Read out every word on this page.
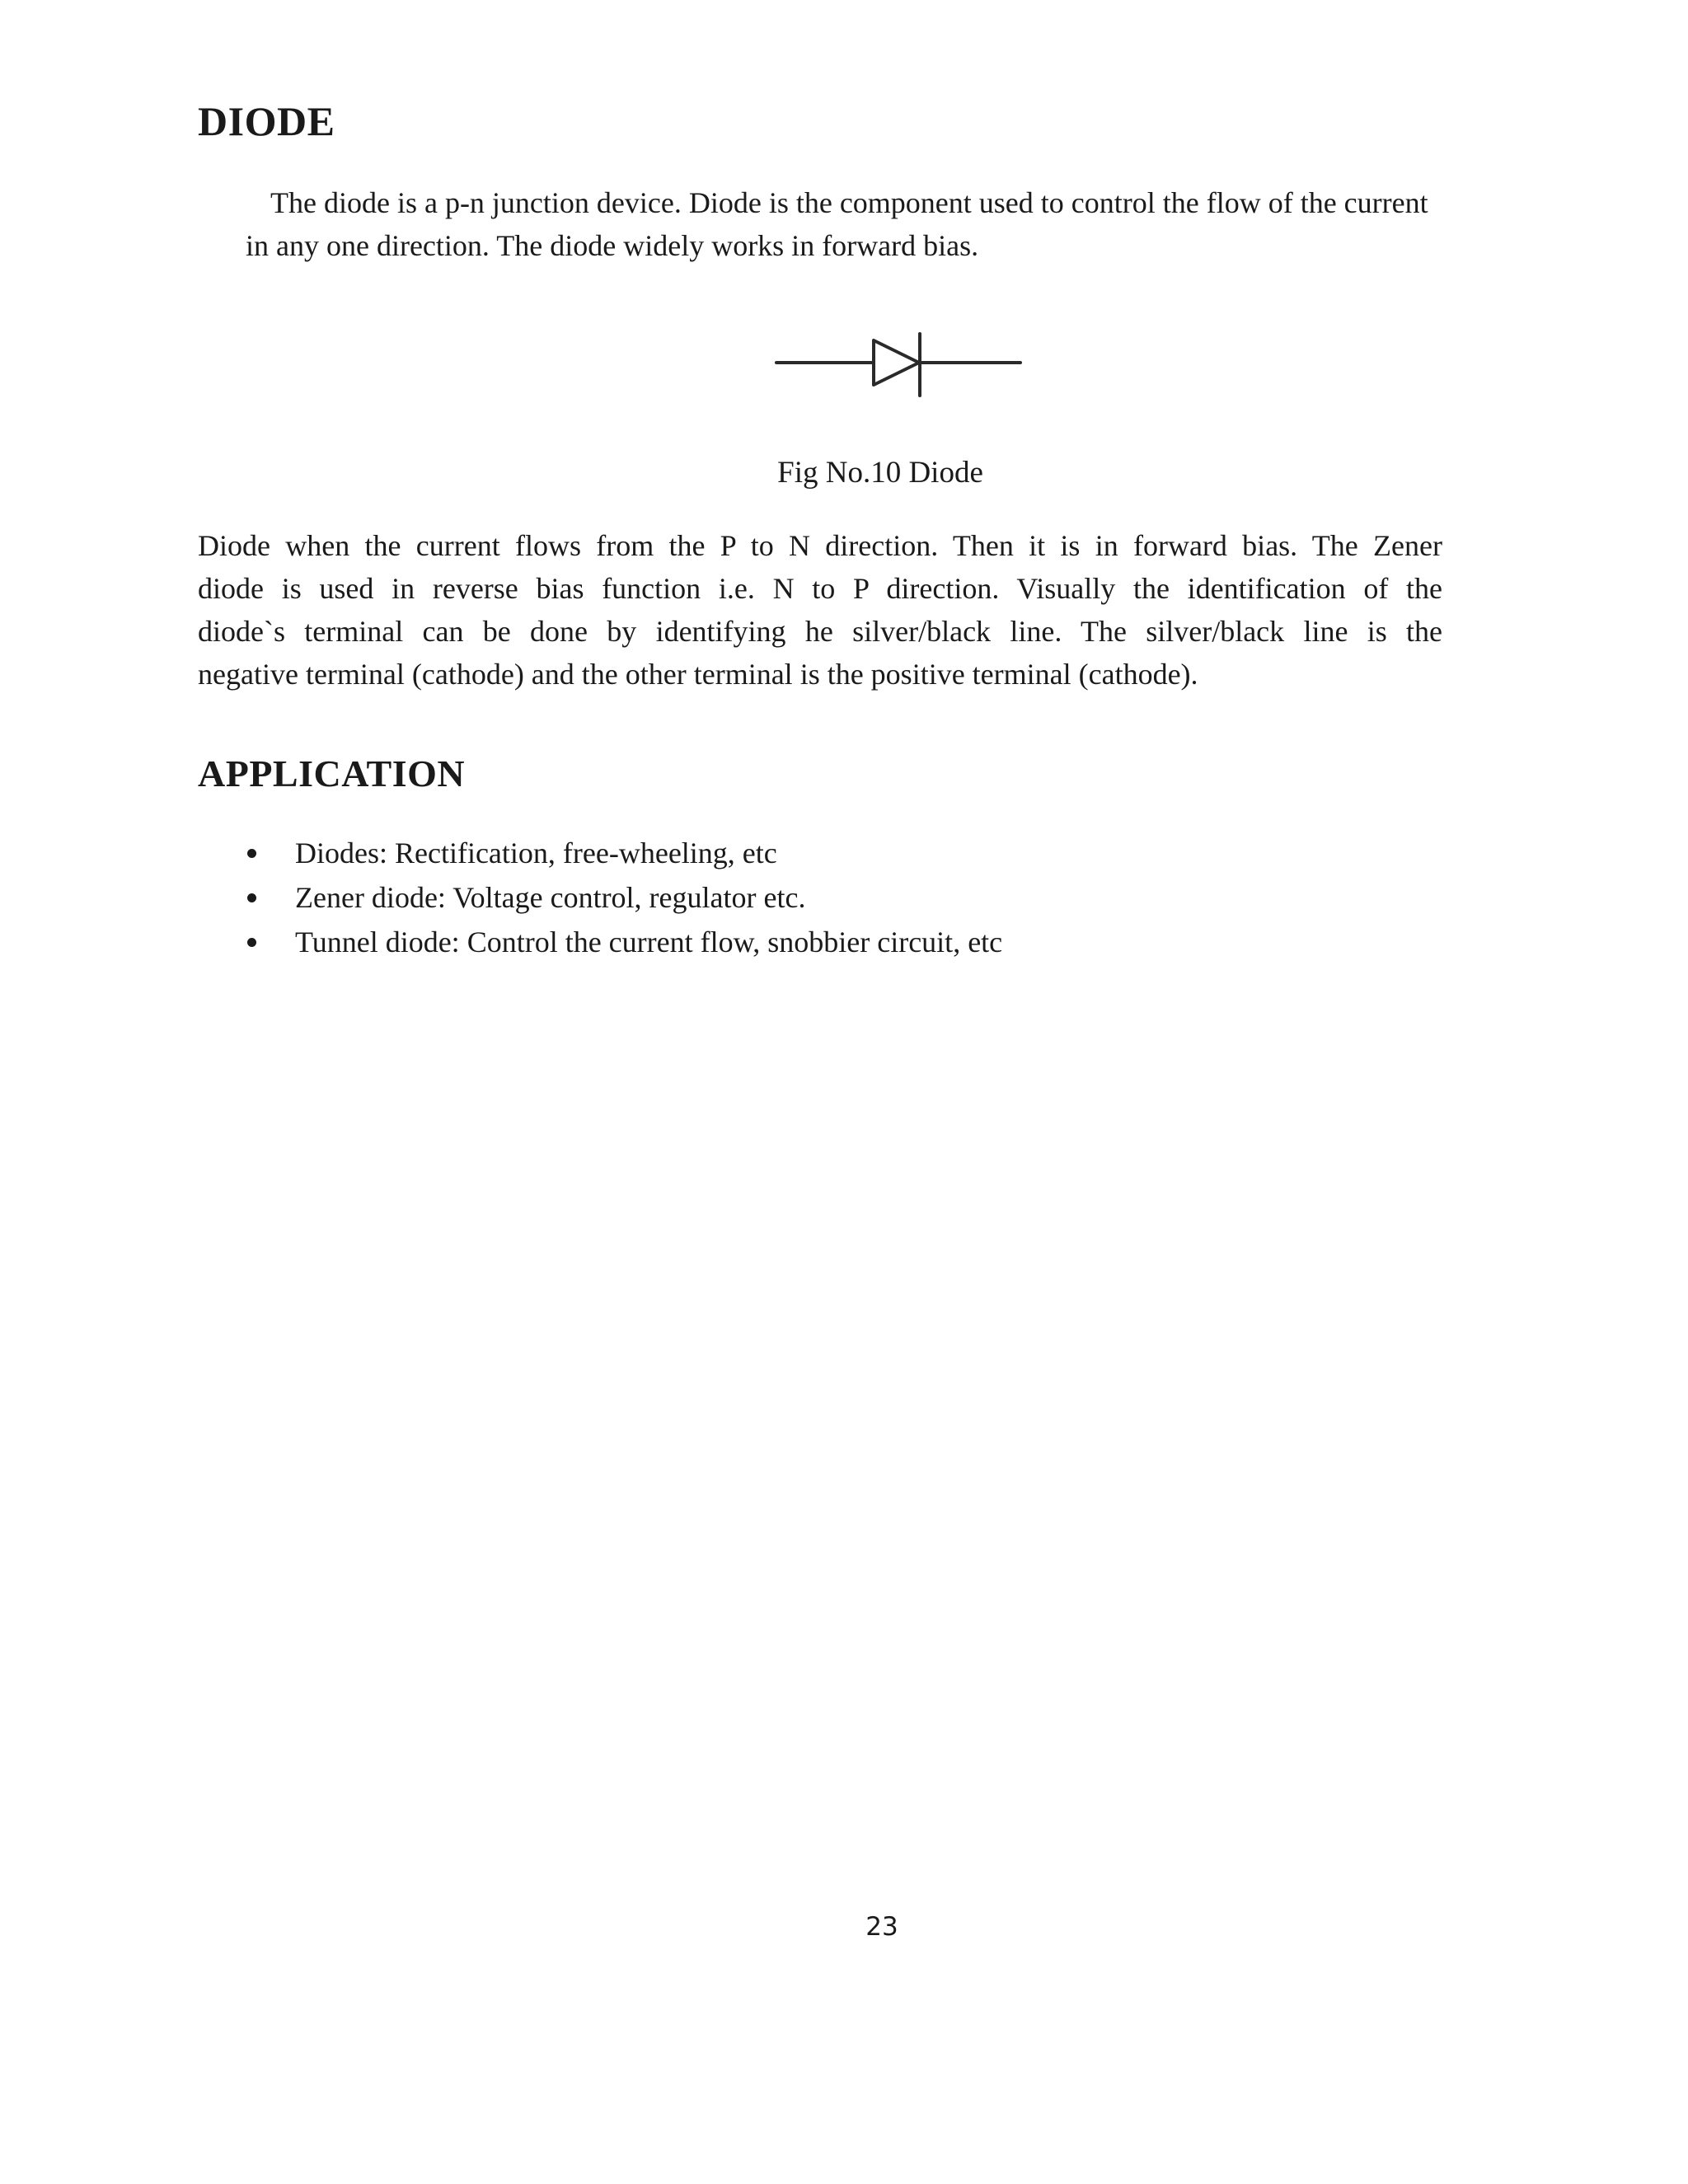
DIODE

The diode is a p-n junction device. Diode is the component used to control the flow of the current
in any one direction. The diode widely works in forward bias.

Fig No.10 Diode

Diode when the current flows from the P to N direction. Then it is in forward bias. The Zener
diode is used in reverse bias function i.e. N to P direction. Visually the identification of the
diode`s terminal can be done by identifying he silver/black line. The silver/black line is the
negative terminal (cathode) and the other terminal is the positive terminal (cathode).

APPLICATION
Diodes: Rectification, free-wheeling, etc
Zener diode: Voltage control, regulator etc.
Tunnel diode: Control the current flow, snobbier circuit, etc

23
